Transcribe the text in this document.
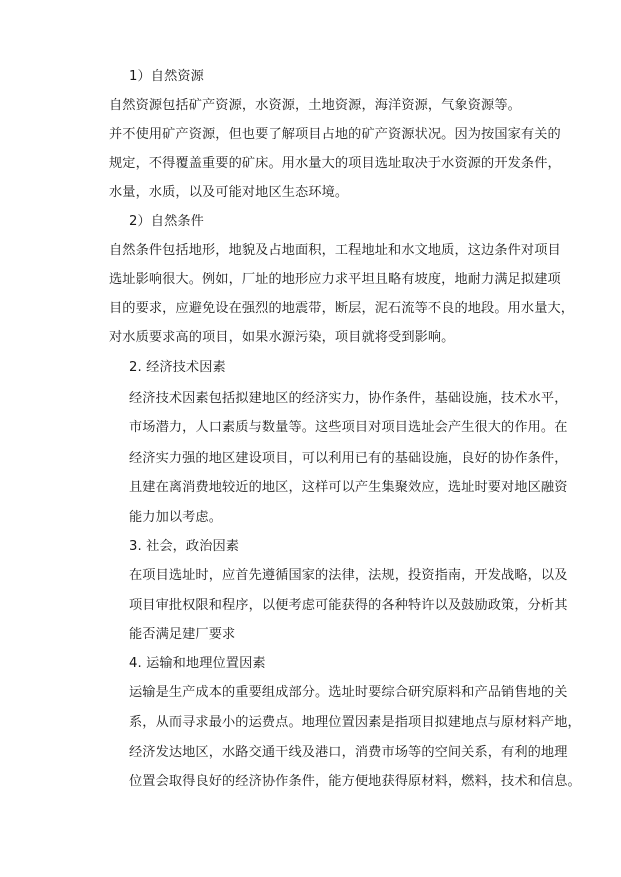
1）自然资源
自然资源包括矿产资源，水资源，土地资源，海洋资源，气象资源等。
并不使用矿产资源，但也要了解项目占地的矿产资源状况。因为按国家有关的
规定，不得覆盖重要的矿床。用水量大的项目选址取决于水资源的开发条件，
水量，水质，以及可能对地区生态环境。
2）自然条件
自然条件包括地形，地貌及占地面积，工程地址和水文地质，这边条件对项目
选址影响很大。例如，厂址的地形应力求平坦且略有坡度，地耐力满足拟建项
目的要求，应避免设在强烈的地震带，断层，泥石流等不良的地段。用水量大，
对水质要求高的项目，如果水源污染，项目就将受到影响。
2. 经济技术因素
经济技术因素包括拟建地区的经济实力，协作条件，基础设施，技术水平，
市场潜力，人口素质与数量等。这些项目对项目选址会产生很大的作用。在
经济实力强的地区建设项目，可以利用已有的基础设施，良好的协作条件，
且建在离消费地较近的地区，这样可以产生集聚效应，选址时要对地区融资
能力加以考虑。
3. 社会，政治因素
在项目选址时，应首先遵循国家的法律，法规，投资指南，开发战略，以及
项目审批权限和程序，以便考虑可能获得的各种特许以及鼓励政策，分析其
能否满足建厂要求
4. 运输和地理位置因素
运输是生产成本的重要组成部分。选址时要综合研究原料和产品销售地的关
系，从而寻求最小的运费点。地理位置因素是指项目拟建地点与原材料产地，
经济发达地区，水路交通干线及港口，消费市场等的空间关系，有利的地理
位置会取得良好的经济协作条件，能方便地获得原材料，燃料，技术和信息。
